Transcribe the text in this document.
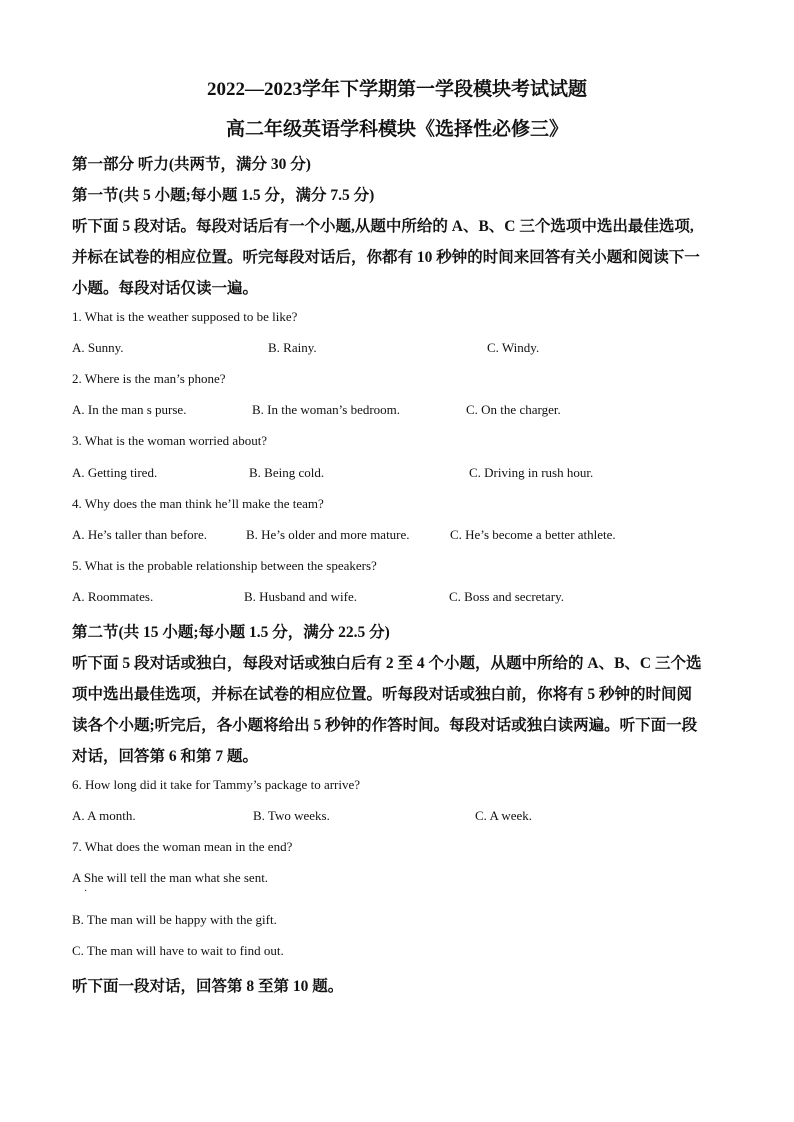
2022—2023学年下学期第一学段模块考试试题
高二年级英语学科模块《选择性必修三》

第一部分 听力(共两节，满分 30 分)

第一节(共 5 小题;每小题 1.5 分，满分 7.5 分)

听下面 5 段对话。每段对话后有一个小题,从题中所给的 A、B、C 三个选项中选出最佳选项,

并标在试卷的相应位置。听完每段对话后，你都有 10 秒钟的时间来回答有关小题和阅读下一

小题。每段对话仅读一遍。

1. What is the weather supposed to be like?

A. Sunny.	B. Rainy.	C. Windy.

2. Where is the man’s phone?

A. In the man s purse.	B. In the woman’s bedroom.	C. On the charger.

3. What is the woman worried about?

A. Getting tired.	B. Being cold.	C. Driving in rush hour.

4. Why does the man think he’ll make the team?

A. He’s taller than before.	B. He’s older and more mature.	C. He’s become a better athlete.

5. What is the probable relationship between the speakers?

A. Roommates.	B. Husband and wife.	C. Boss and secretary.

第二节(共 15 小题;每小题 1.5 分，满分 22.5 分)

听下面 5 段对话或独白，每段对话或独白后有 2 至 4 个小题，从题中所给的 A、B、C 三个选

项中选出最佳选项，并标在试卷的相应位置。听每段对话或独白前，你将有 5 秒钟的时间阅

读各个小题;听完后，各小题将给出 5 秒钟的作答时间。每段对话或独白读两遍。听下面一段

对话，回答第 6 和第 7 题。

6. How long did it take for Tammy’s package to arrive?

A. A month.	B. Two weeks.	C. A week.

7. What does the woman mean in the end?

A She will tell the man what she sent.

·

B. The man will be happy with the gift.

C. The man will have to wait to find out.

听下面一段对话，回答第 8 至第 10 题。
